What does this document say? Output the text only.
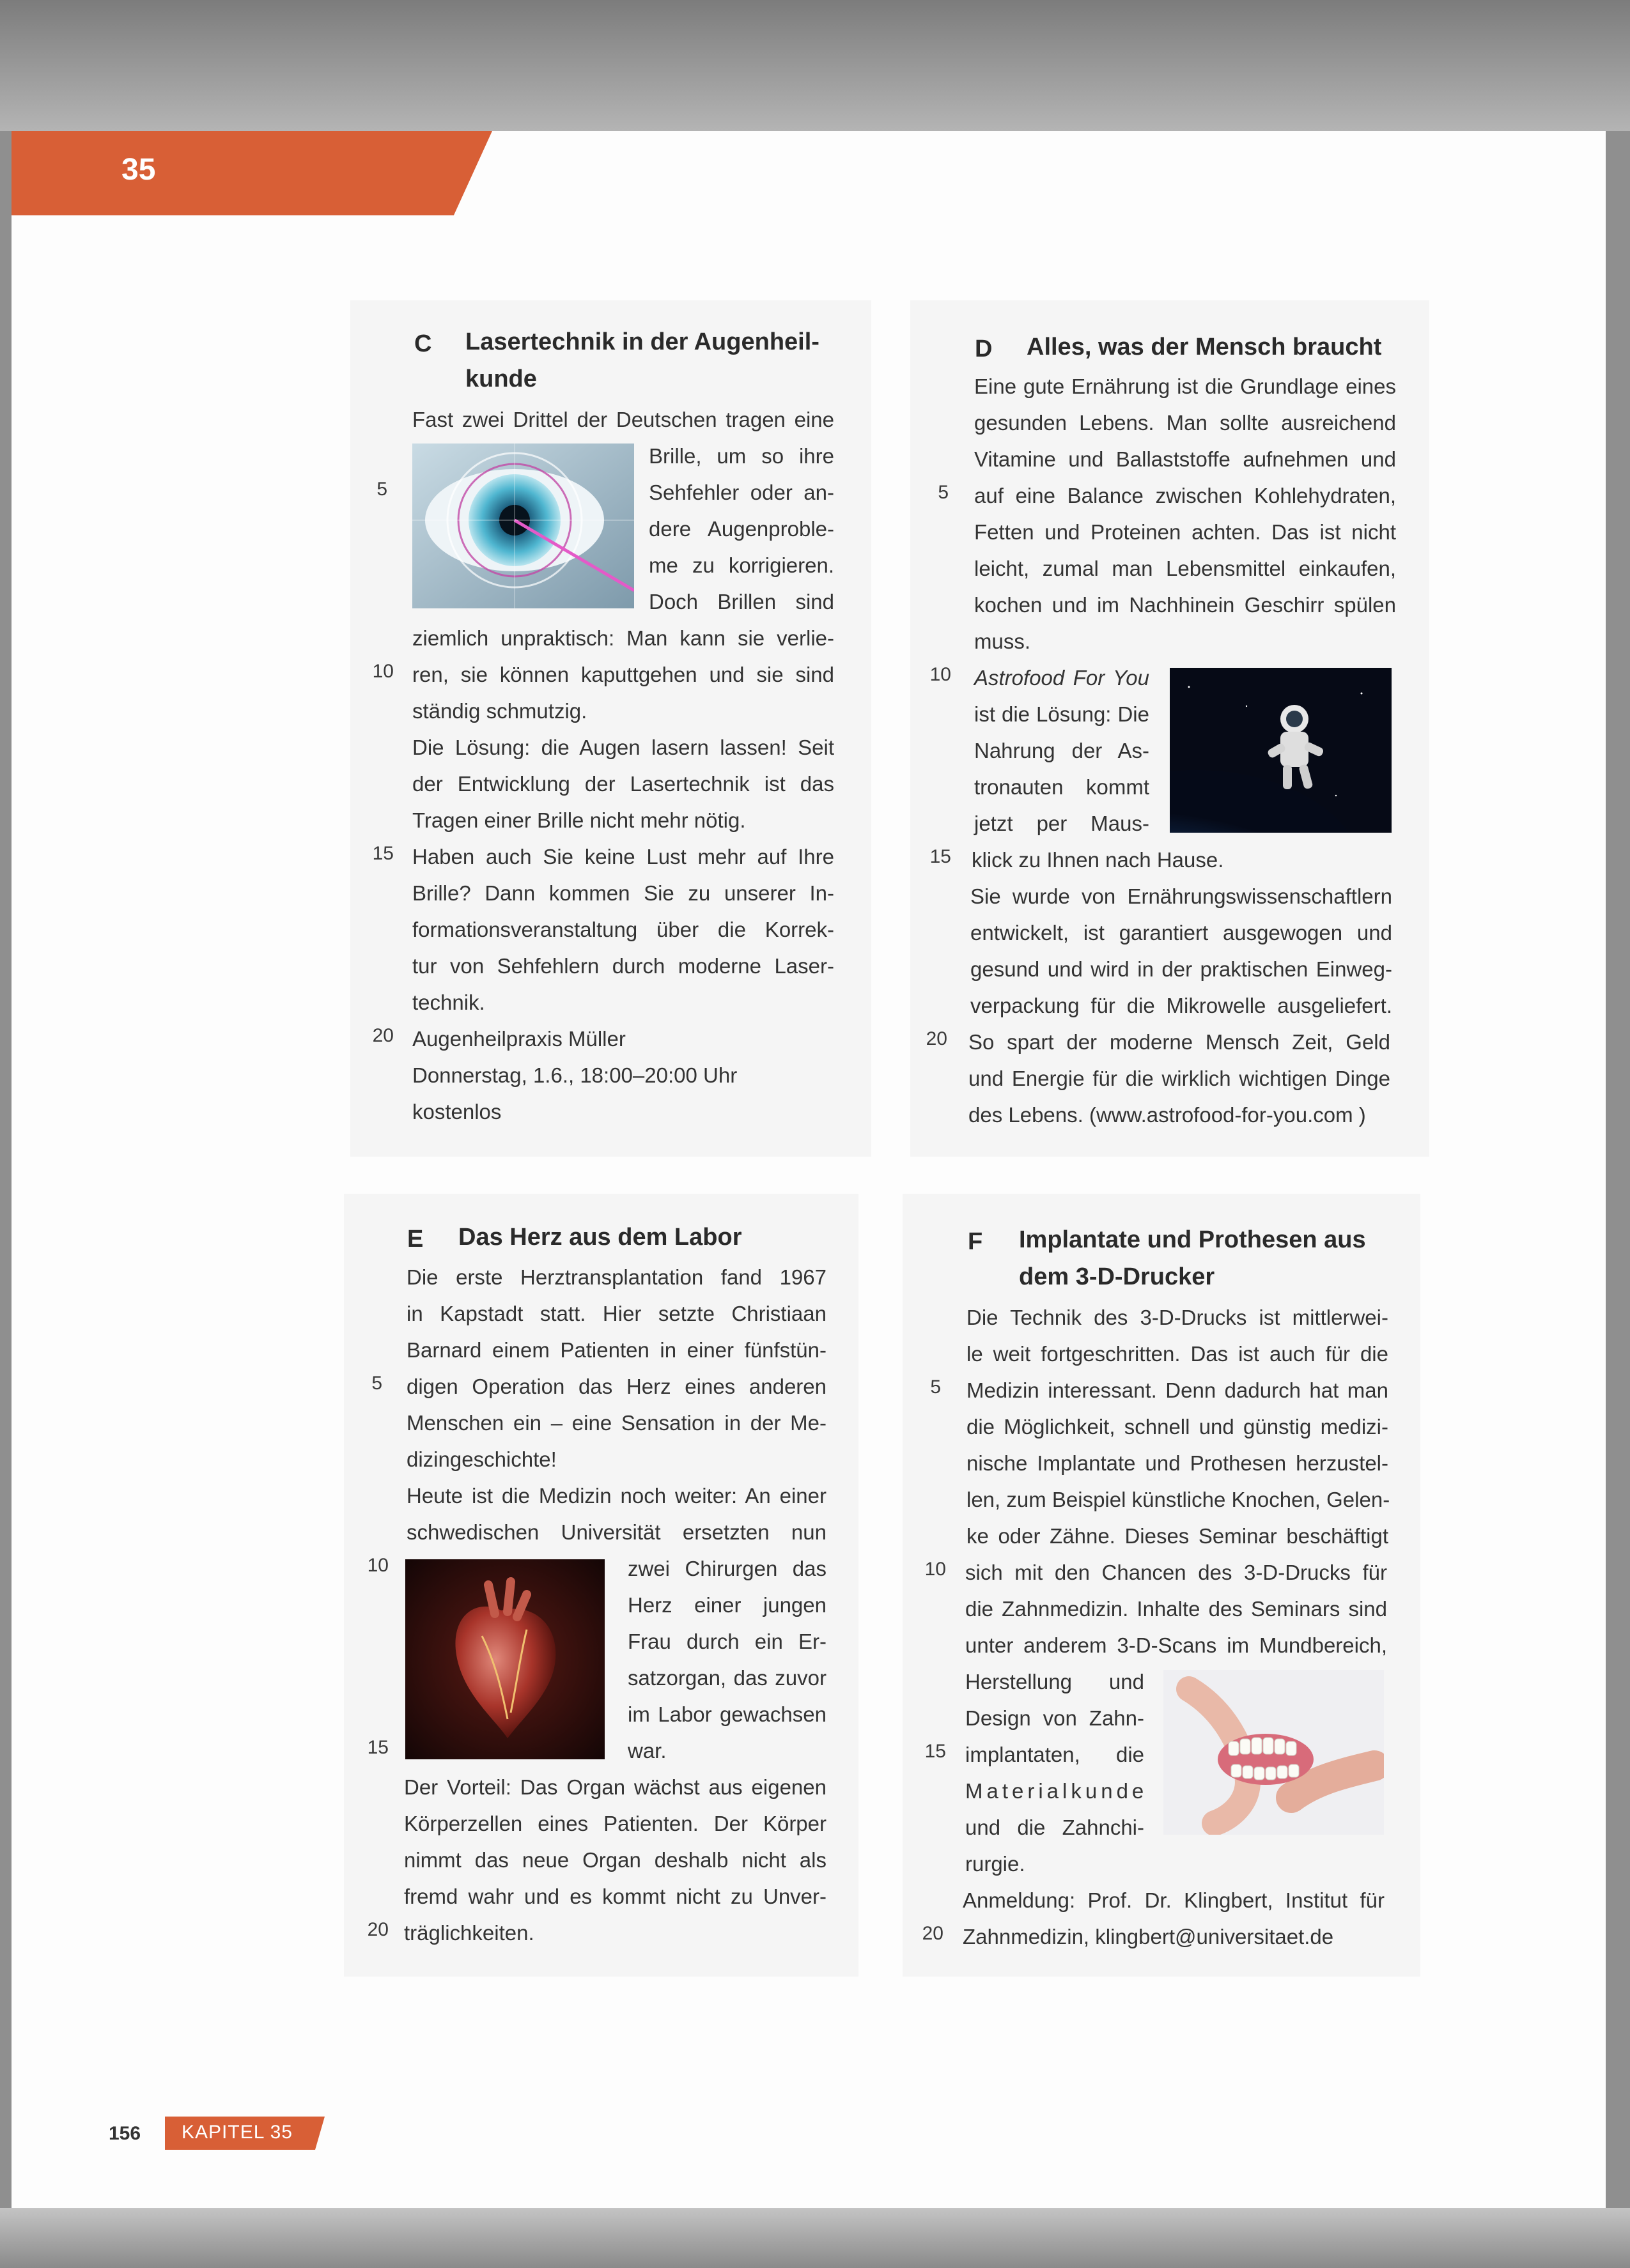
35
C Lasertechnik in der Augenheil-
kunde
Fast zwei Drittel der Deutschen tragen eine
Brille, um so ihre
Sehfehler oder an-
dere Augenproble-
me zu korrigieren.
Doch Brillen sind
ziemlich unpraktisch: Man kann sie verlie-
ren, sie können kaputtgehen und sie sind
ständig schmutzig.
Die Lösung: die Augen lasern lassen! Seit
der Entwicklung der Lasertechnik ist das
Tragen einer Brille nicht mehr nötig.
Haben auch Sie keine Lust mehr auf Ihre
Brille? Dann kommen Sie zu unserer In-
formationsveranstaltung über die Korrek-
tur von Sehfehlern durch moderne Laser-
technik.
Augenheilpraxis Müller
Donnerstag, 1.6., 18:00–20:00 Uhr
kostenlos
5
10
15
20
D Alles, was der Mensch braucht
Eine gute Ernährung ist die Grundlage eines
gesunden Lebens. Man sollte ausreichend
Vitamine und Ballaststoffe aufnehmen und
auf eine Balance zwischen Kohlehydraten,
Fetten und Proteinen achten. Das ist nicht
leicht, zumal man Lebensmittel einkaufen,
kochen und im Nachhinein Geschirr spülen
muss.
Astrofood For You
ist die Lösung: Die
Nahrung der As-
tronauten kommt
jetzt per Maus-
klick zu Ihnen nach Hause.
Sie wurde von Ernährungswissenschaftlern
entwickelt, ist garantiert ausgewogen und
gesund und wird in der praktischen Einweg-
verpackung für die Mikrowelle ausgeliefert.
So spart der moderne Mensch Zeit, Geld
und Energie für die wirklich wichtigen Dinge
des Lebens. (www.astrofood-for-you.com )
5
10
15
20
E Das Herz aus dem Labor
Die erste Herztransplantation fand 1967
in Kapstadt statt. Hier setzte Christiaan
Barnard einem Patienten in einer fünfstün-
digen Operation das Herz eines anderen
Menschen ein – eine Sensation in der Me-
dizingeschichte!
Heute ist die Medizin noch weiter: An einer
schwedischen Universität ersetzten nun
zwei Chirurgen das
Herz einer jungen
Frau durch ein Er-
satzorgan, das zuvor
im Labor gewachsen
war.
Der Vorteil: Das Organ wächst aus eigenen
Körperzellen eines Patienten. Der Körper
nimmt das neue Organ deshalb nicht als
fremd wahr und es kommt nicht zu Unver-
träglichkeiten.
5
10
15
20
F Implantate und Prothesen aus
dem 3-D-Drucker
Die Technik des 3-D-Drucks ist mittlerwei-
le weit fortgeschritten. Das ist auch für die
Medizin interessant. Denn dadurch hat man
die Möglichkeit, schnell und günstig medizi-
nische Implantate und Prothesen herzustel-
len, zum Beispiel künstliche Knochen, Gelen-
ke oder Zähne. Dieses Seminar beschäftigt
sich mit den Chancen des 3-D-Drucks für
die Zahnmedizin. Inhalte des Seminars sind
unter anderem 3-D-Scans im Mundbereich,
Herstellung und
Design von Zahn-
implantaten, die
Materialkunde
und die Zahnchi-
rurgie.
Anmeldung: Prof. Dr. Klingbert, Institut für
Zahnmedizin, klingbert@universitaet.de
5
10
15
20
156 KAPITEL 35
